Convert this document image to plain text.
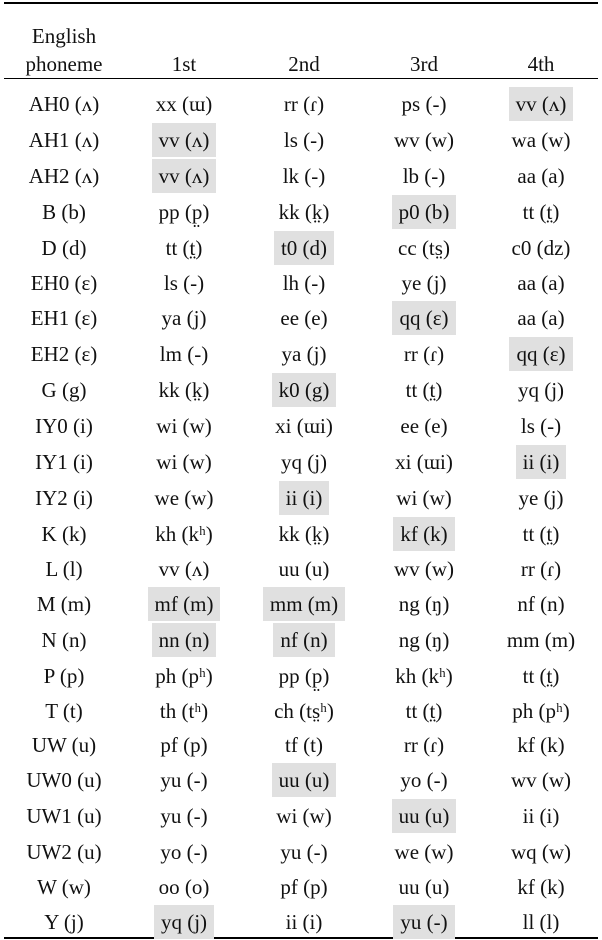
English
phoneme	1st	2nd	3rd	4th
AH0 (ʌ)	xx (ɯ)	rr (ɾ)	ps (-)	vv (ʌ)
AH1 (ʌ)	vv (ʌ)	ls (-)	wv (w)	wa (w)
AH2 (ʌ)	vv (ʌ)	lk (-)	lb (-)	aa (a)
B (b)	pp (p̤)	kk (k̤)	p0 (b)	tt (t̤)
D (d)	tt (t̤)	t0 (d)	cc (ts̤)	c0 (dz)
EH0 (ɛ)	ls (-)	lh (-)	ye (j)	aa (a)
EH1 (ɛ)	ya (j)	ee (e)	qq (ɛ)	aa (a)
EH2 (ɛ)	lm (-)	ya (j)	rr (ɾ)	qq (ɛ)
G (g)	kk (k̤)	k0 (g)	tt (t̤)	yq (j)
IY0 (i)	wi (w)	xi (ɯi)	ee (e)	ls (-)
IY1 (i)	wi (w)	yq (j)	xi (ɯi)	ii (i)
IY2 (i)	we (w)	ii (i)	wi (w)	ye (j)
K (k)	kh (kʰ)	kk (k̤)	kf (k)	tt (t̤)
L (l)	vv (ʌ)	uu (u)	wv (w)	rr (ɾ)
M (m)	mf (m)	mm (m)	ng (ŋ)	nf (n)
N (n)	nn (n)	nf (n)	ng (ŋ)	mm (m)
P (p)	ph (pʰ)	pp (p̤)	kh (kʰ)	tt (t̤)
T (t)	th (tʰ)	ch (ts̤ʰ)	tt (t̤)	ph (pʰ)
UW (u)	pf (p)	tf (t)	rr (ɾ)	kf (k)
UW0 (u)	yu (-)	uu (u)	yo (-)	wv (w)
UW1 (u)	yu (-)	wi (w)	uu (u)	ii (i)
UW2 (u)	yo (-)	yu (-)	we (w)	wq (w)
W (w)	oo (o)	pf (p)	uu (u)	kf (k)
Y (j)	yq (j)	ii (i)	yu (-)	ll (l)
